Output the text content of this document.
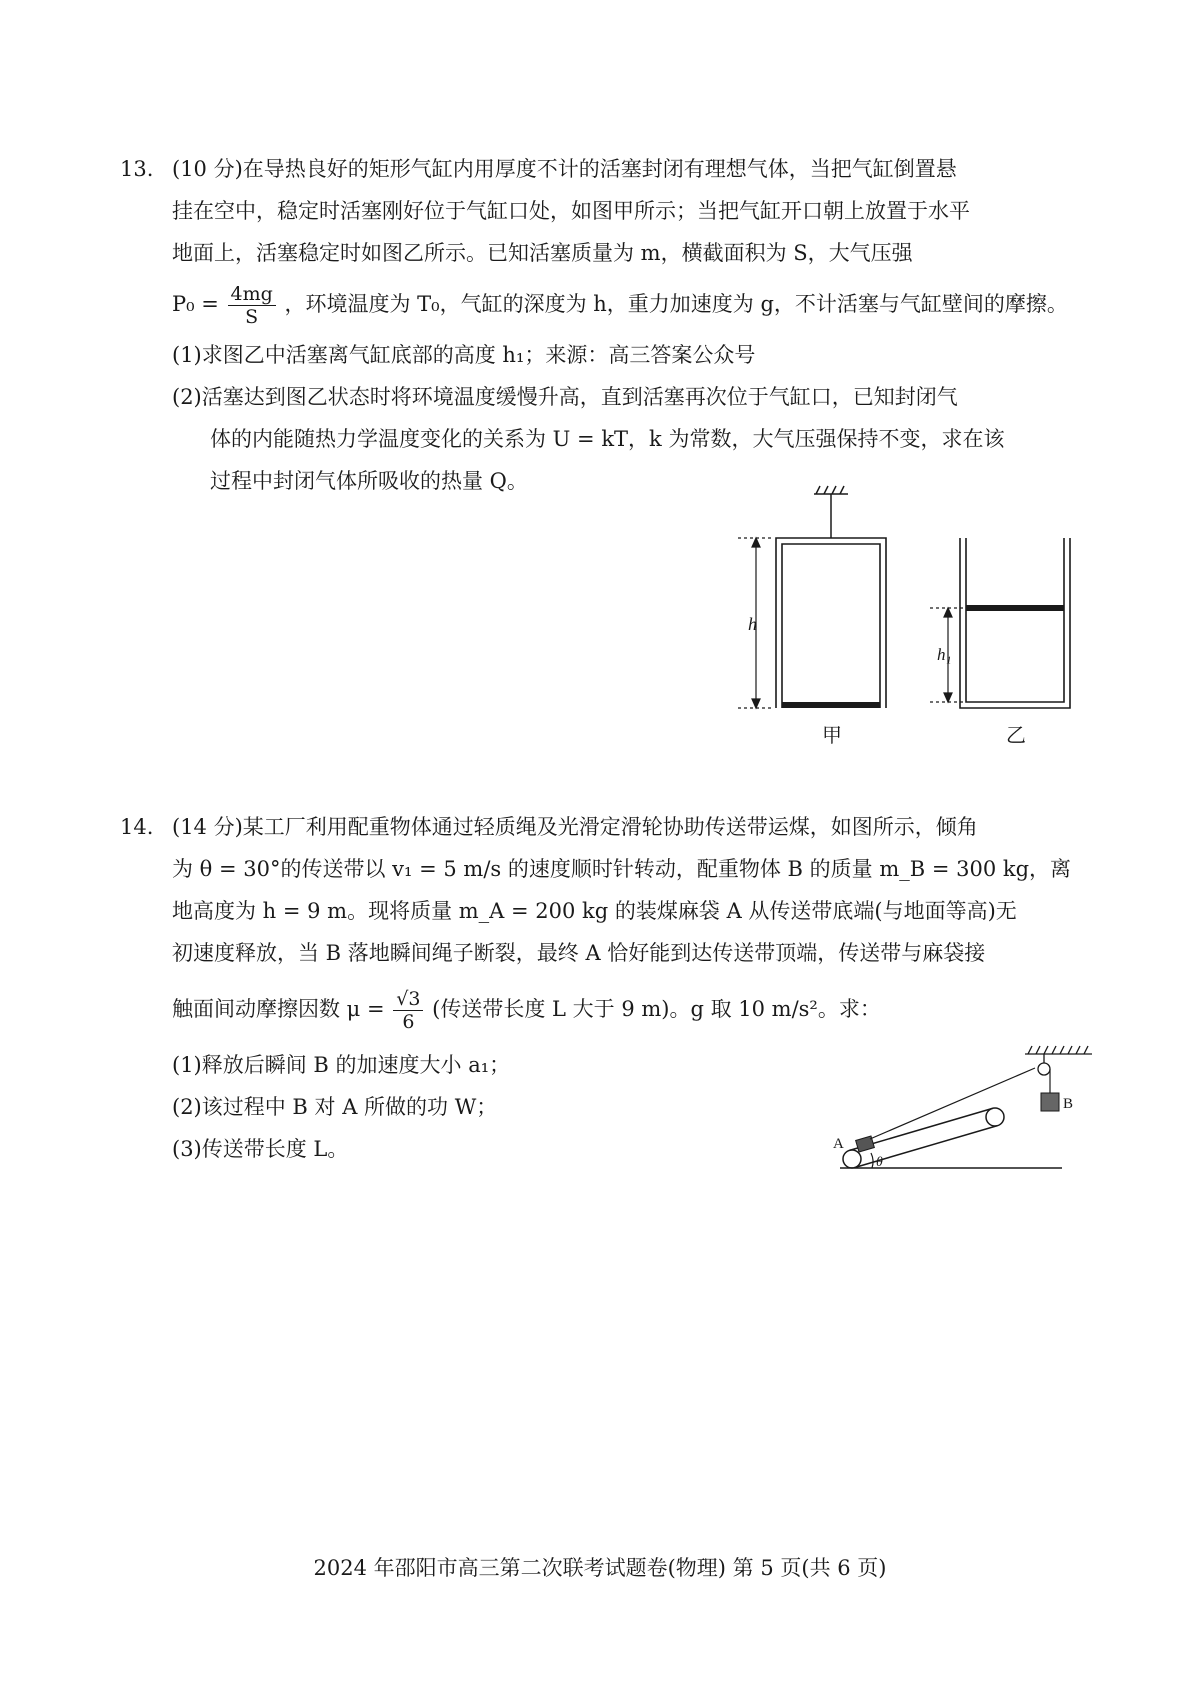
13. (10 分)在导热良好的矩形气缸内用厚度不计的活塞封闭有理想气体，当把气缸倒置悬
挂在空中，稳定时活塞刚好位于气缸口处，如图甲所示；当把气缸开口朝上放置于水平
地面上，活塞稳定时如图乙所示。已知活塞质量为 m，横截面积为 S，大气压强
$P_0 = \frac{4mg}{S}$ ，环境温度为 T₀，气缸的深度为 h，重力加速度为 g，不计活塞与气缸壁间的摩擦。
(1)求图乙中活塞离气缸底部的高度 h₁；来源：高三答案公众号
(2)活塞达到图乙状态时将环境温度缓慢升高，直到活塞再次位于气缸口，已知封闭气
体的内能随热力学温度变化的关系为 U = kT，k 为常数，大气压强保持不变，求在该
过程中封闭气体所吸收的热量 Q。
h
h₁
甲	乙
14. (14 分)某工厂利用配重物体通过轻质绳及光滑定滑轮协助传送带运煤，如图所示，倾角
为 θ = 30°的传送带以 v₁ = 5 m/s 的速度顺时针转动，配重物体 B 的质量 m_B = 300 kg，离
地高度为 h = 9 m。现将质量 m_A = 200 kg 的装煤麻袋 A 从传送带底端(与地面等高)无
初速度释放，当 B 落地瞬间绳子断裂，最终 A 恰好能到达传送带顶端，传送带与麻袋接
触面间动摩擦因数 $\mu = \frac{√3}{6}$ (传送带长度 L 大于 9 m)。g 取 10 m/s²。求：
(1)释放后瞬间 B 的加速度大小 a₁；
(2)该过程中 B 对 A 所做的功 W；
(3)传送带长度 L。	A
θ
B
2024 年邵阳市高三第二次联考试题卷(物理) 第 5 页(共 6 页)
